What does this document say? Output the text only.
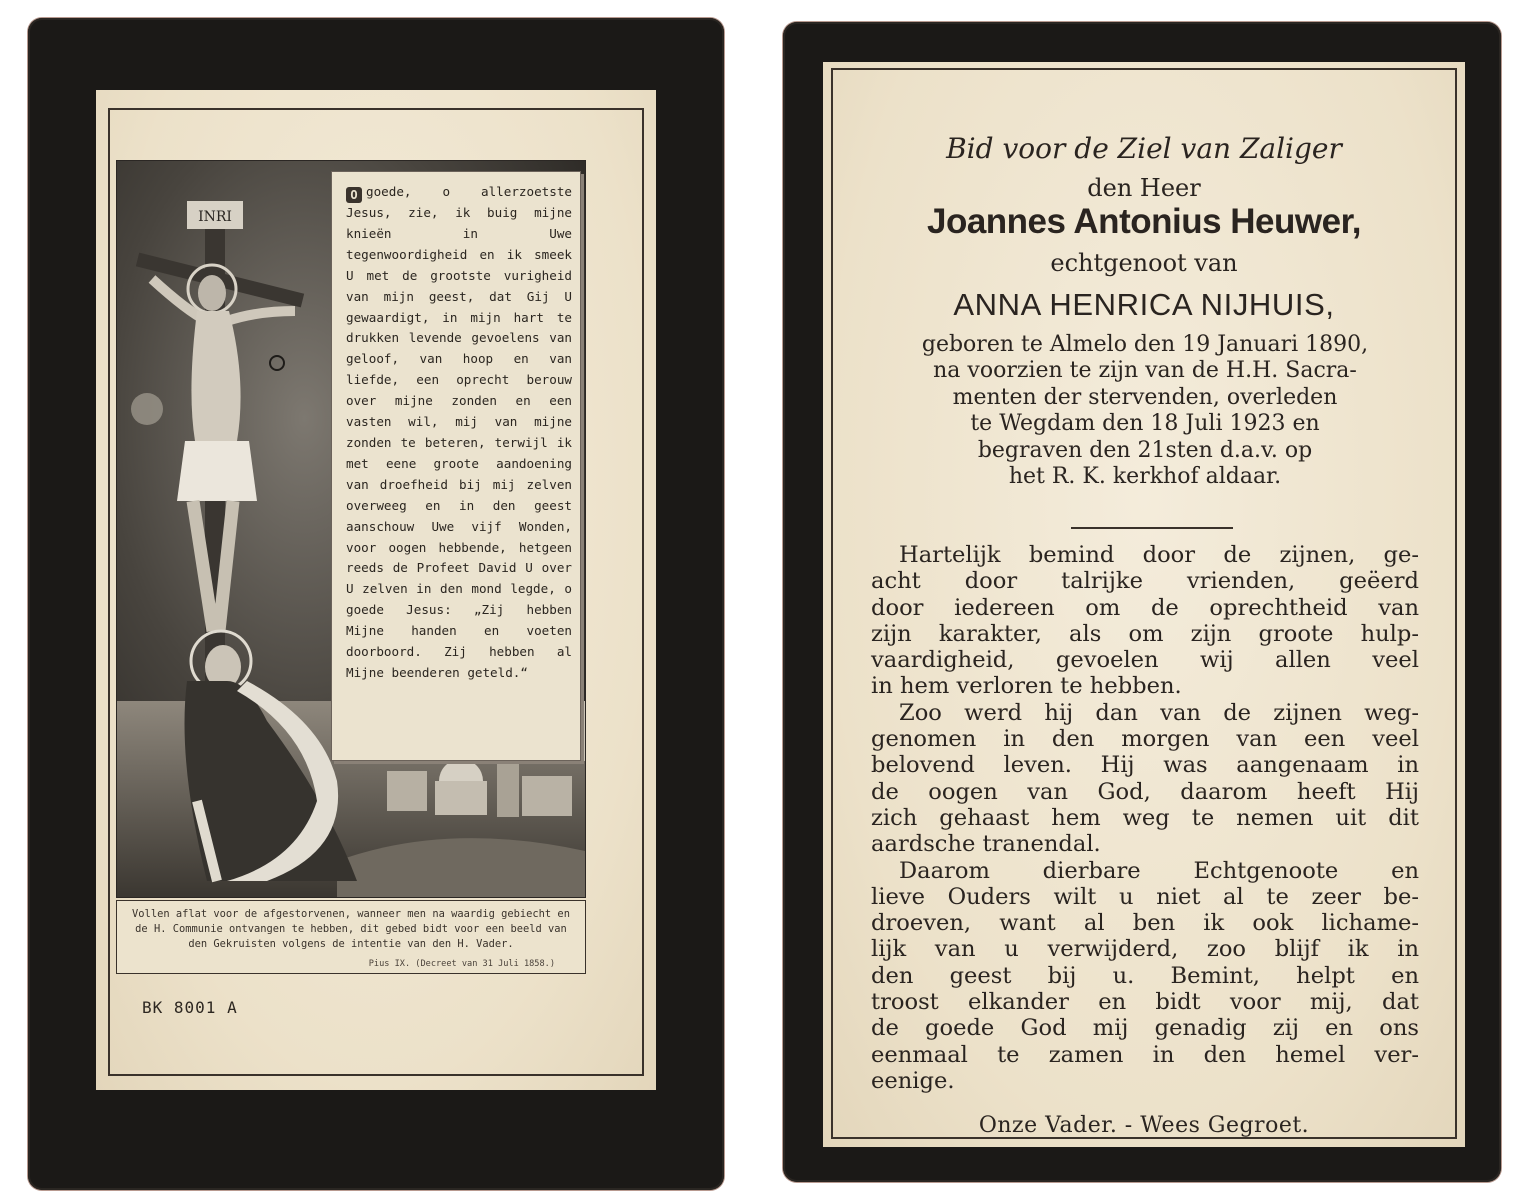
INRI
O goede, o allerzoetste Jesus, zie, ik buig mijne knieën in Uwe tegenwoordigheid en ik smeek U met de grootste vurigheid van mijn geest, dat Gij U gewaardigt, in mijn hart te drukken levende gevoelens van geloof, van hoop en van liefde, een oprecht berouw over mijne zonden en een vasten wil, mij van mijne zonden te beteren, terwijl ik met eene groote aandoening van droefheid bij mij zelven overweeg en in den geest aanschouw Uwe vijf Wonden, voor oogen hebbende, hetgeen reeds de Profeet David U over U zelven in den mond legde, o goede Jesus: „Zij hebben Mijne handen en voeten doorboord. Zij hebben al Mijne beenderen geteld.“
Vollen aflat voor de afgestorvenen, wanneer men na waardig gebiecht en de H. Communie ontvangen te hebben, dit gebed bidt voor een beeld van den Gekruisten volgens de intentie van den H. Vader.
Pius IX. (Decreet van 31 Juli 1858.)
BK 8001 A
Bid voor de Ziel van Zaliger
den Heer
Joannes Antonius Heuwer,
echtgenoot van
ANNA HENRICA NIJHUIS,
geboren te Almelo den 19 Januari 1890,
na voorzien te zijn van de H.H. Sacra-
menten der stervenden, overleden
te Wegdam den 18 Juli 1923 en
begraven den 21sten d.a.v. op
het R. K. kerkhof aldaar.
Hartelijk bemind door de zijnen, ge-
acht door talrijke vrienden, geëerd
door iedereen om de oprechtheid van
zijn karakter, als om zijn groote hulp-
vaardigheid, gevoelen wij allen veel
in hem verloren te hebben.
Zoo werd hij dan van de zijnen weg-
genomen in den morgen van een veel
belovend leven. Hij was aangenaam in
de oogen van God, daarom heeft Hij
zich gehaast hem weg te nemen uit dit
aardsche tranendal.
Daarom dierbare Echtgenoote en
lieve Ouders wilt u niet al te zeer be-
droeven, want al ben ik ook lichame-
lijk van u verwijderd, zoo blijf ik in
den geest bij u. Bemint, helpt en
troost elkander en bidt voor mij, dat
de goede God mij genadig zij en ons
eenmaal te zamen in den hemel ver-
eenige.
Onze Vader. - Wees Gegroet.
